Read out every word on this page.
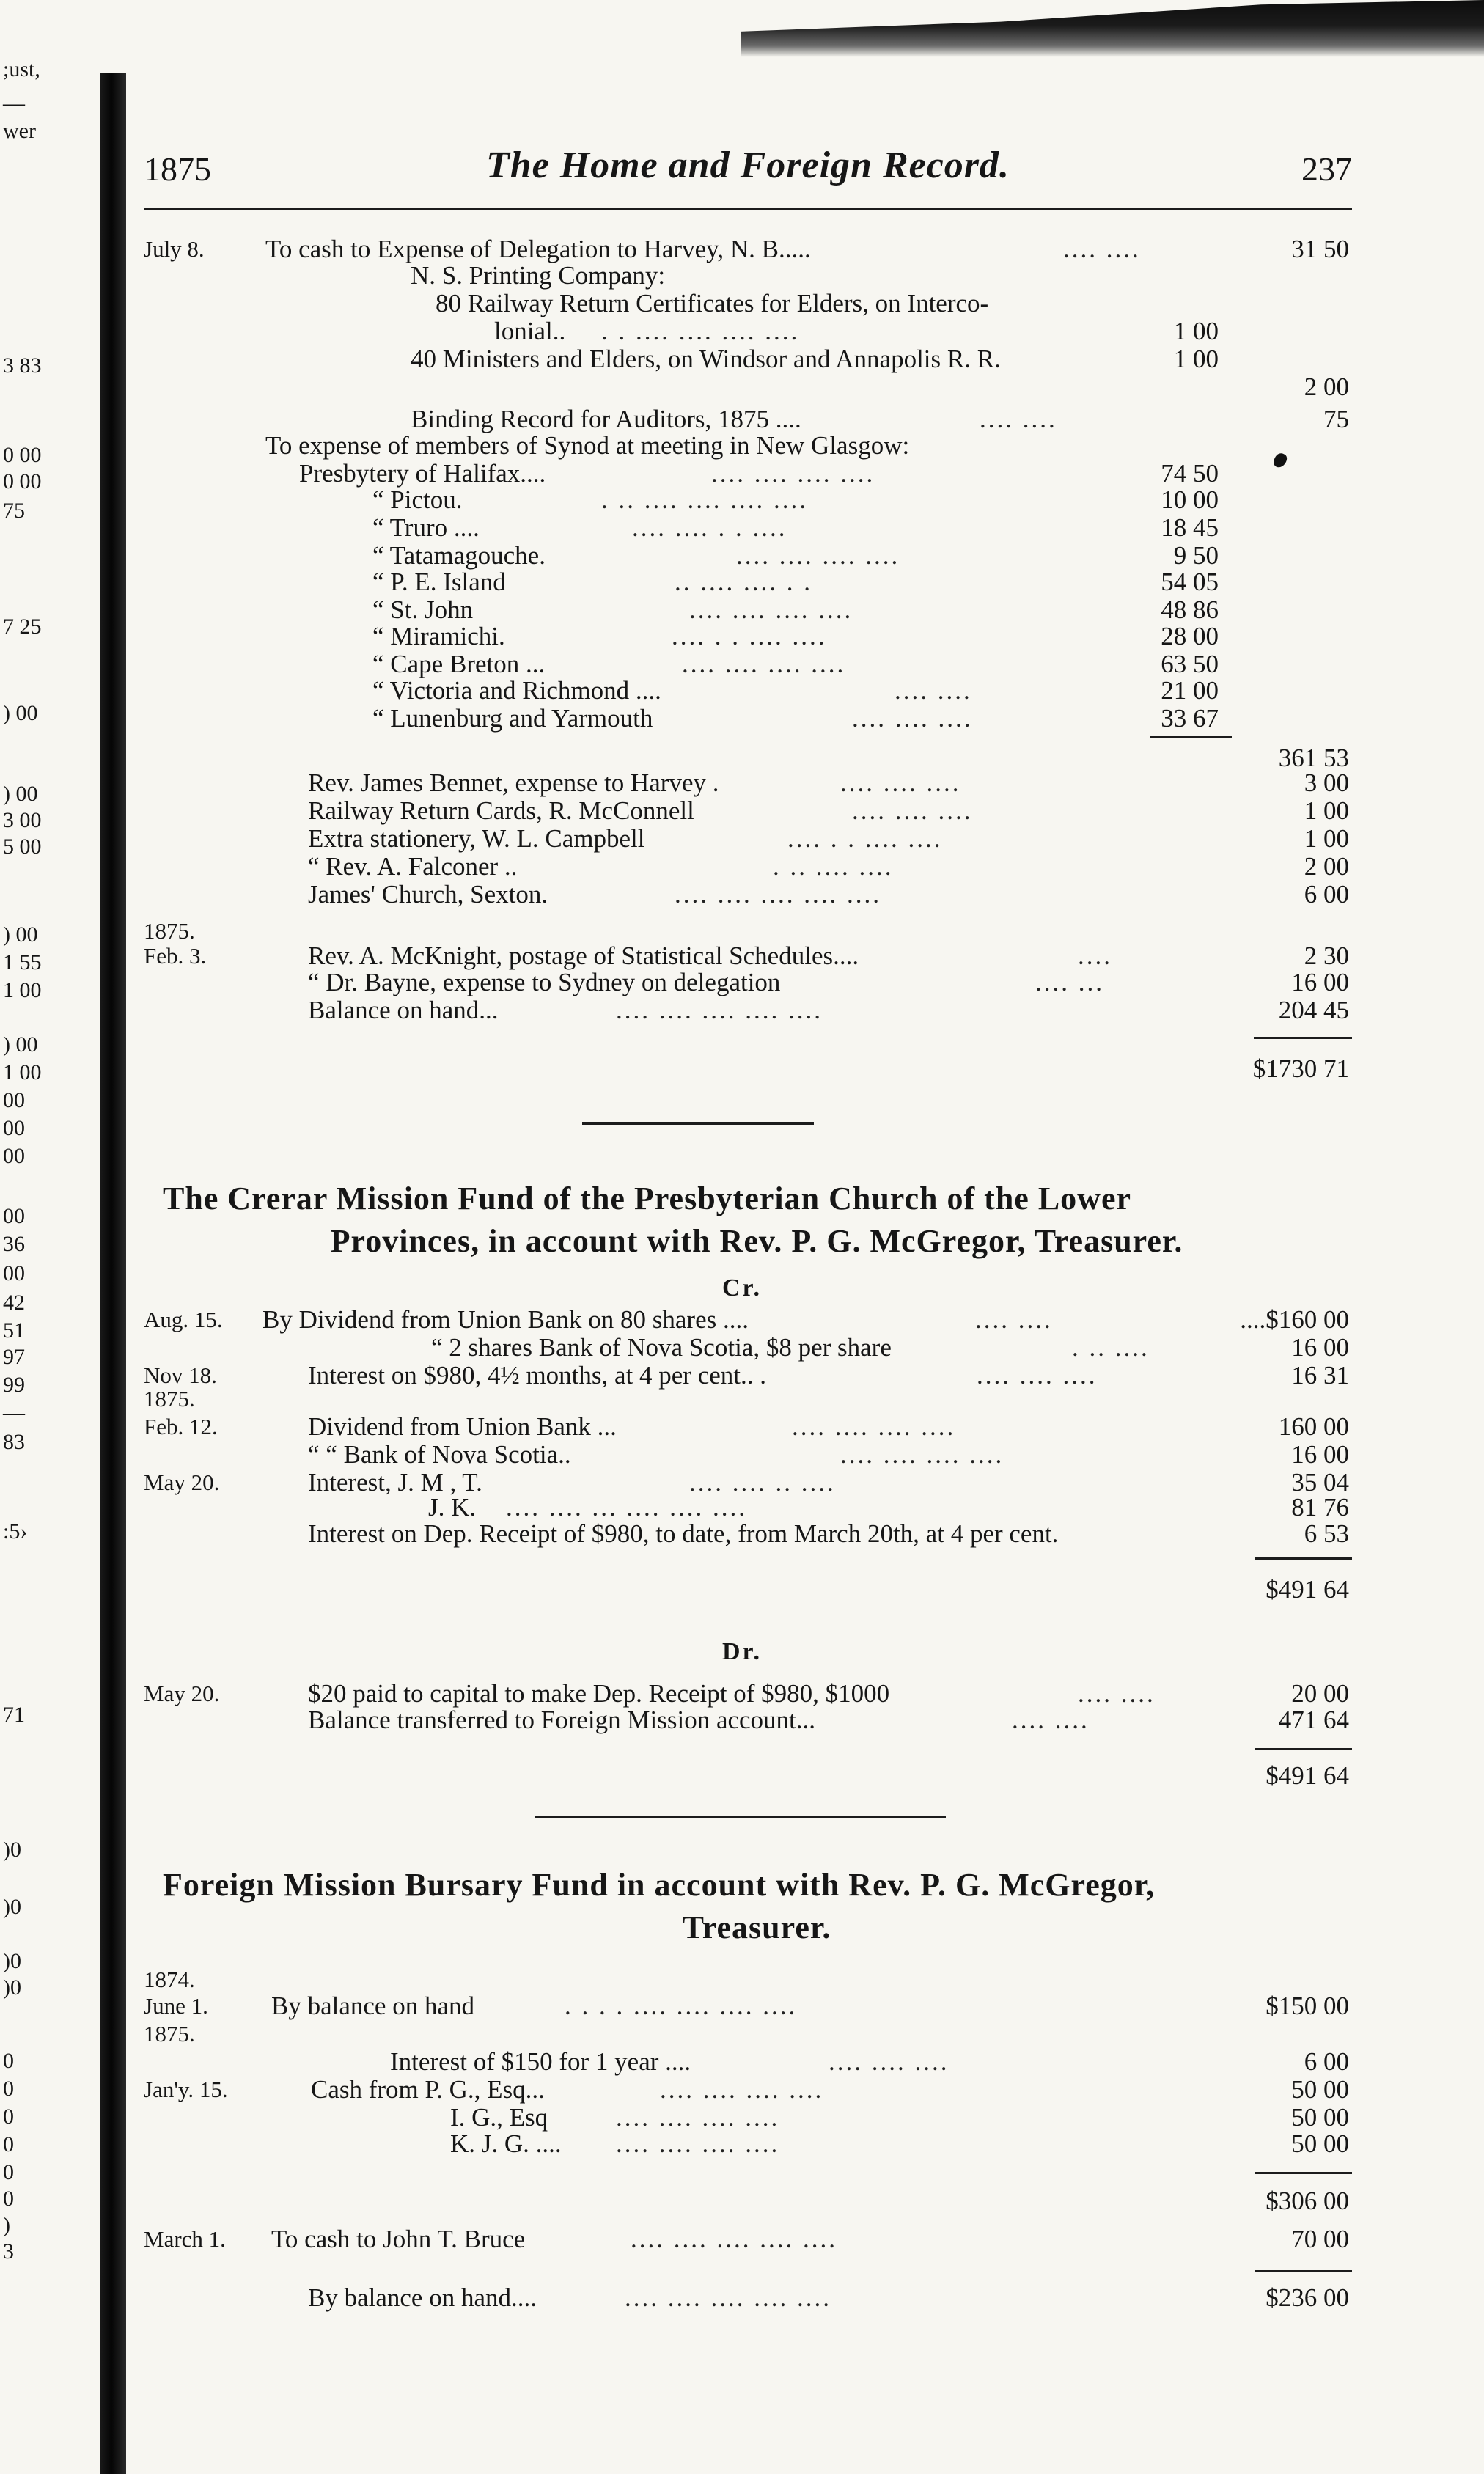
;ust,
—
wer
3 83
0 00
0 00
75
7 25
) 00
) 00
3 00
5 00
) 00
1 55
1 00
) 00
1 00
00
00
00
00
36
00
42
51
97
99
—
83
:5›
71
)0
)0
)0
)0
0
0
0
0
0
0
)
3
1875	The Home and Foreign Record.	237
July 8.	To cash to Expense of Delegation to Harvey, N. B.....	.... ....	31 50
N. S. Printing Company:
80 Railway Return Certificates for Elders, on Interco-
lonial.. . . .... .... .... ....	1 00
40 Ministers and Elders, on Windsor and Annapolis R. R.	1 00
2 00
Binding Record for Auditors, 1875 ....	.... ....	75
To expense of members of Synod at meeting in New Glasgow:
Presbytery of Halifax....	.... .... .... ....	74 50
“ Pictou.	. .. .... .... .... ....	10 00
“ Truro ....	.... .... . . ....	18 45
“ Tatamagouche.	.... .... .... ....	9 50
“ P. E. Island	.. .... .... . .	54 05
“ St. John	.... .... .... ....	48 86
“ Miramichi.	.... . . .... ....	28 00
“ Cape Breton ...	.... .... .... ....	63 50
“ Victoria and Richmond ....	.... ....	21 00
“ Lunenburg and Yarmouth	.... .... ....	33 67
361 53
Rev. James Bennet, expense to Harvey .	.... .... ....	3 00
Railway Return Cards, R. McConnell	.... .... ....	1 00
Extra stationery, W. L. Campbell	.... . . .... ....	1 00
“ Rev. A. Falconer ..	. .. .... ....	2 00
James' Church, Sexton.	.... .... .... .... ....	6 00
1875.
Feb. 3.	Rev. A. McKnight, postage of Statistical Schedules....	....	2 30
“ Dr. Bayne, expense to Sydney on delegation	.... ...	16 00
Balance on hand...	.... .... .... .... ....	204 45
$1730 71
The Crerar Mission Fund of the Presbyterian Church of the Lower
Provinces, in account with Rev. P. G. McGregor, Treasurer.
Cr.
Aug. 15.	By Dividend from Union Bank on 80 shares ....	.... ....	....$160 00
“ 2 shares Bank of Nova Scotia, $8 per share	. .. ....	16 00
Nov 18.	Interest on $980, 4½ months, at 4 per cent.. .	.... .... ....	16 31
1875.
Feb. 12.	Dividend from Union Bank ...	.... .... .... ....	160 00
“ “ Bank of Nova Scotia..	.... .... .... ....	16 00
May 20.	Interest, J. M , T.	.... .... .. ....	35 04
J. K. .... .... ... .... .... ....	81 76
Interest on Dep. Receipt of $980, to date, from March 20th, at 4 per cent.	6 53
$491 64
Dr.
May 20.	$20 paid to capital to make Dep. Receipt of $980, $1000	.... ....	20 00
Balance transferred to Foreign Mission account...	.... ....	471 64
$491 64
Foreign Mission Bursary Fund in account with Rev. P. G. McGregor,
Treasurer.
1874.
June 1.	By balance on hand	. . . . .... .... .... ....	$150 00
1875.
Interest of $150 for 1 year ....	.... .... ....	6 00
Jan'y. 15.	Cash from P. G., Esq...	.... .... .... ....	50 00
I. G., Esq	.... .... .... ....	50 00
K. J. G. .... .... .... .... ....	50 00
$306 00
March 1.	To cash to John T. Bruce	.... .... .... .... ....	70 00
By balance on hand....	.... .... .... .... ....	$236 00
